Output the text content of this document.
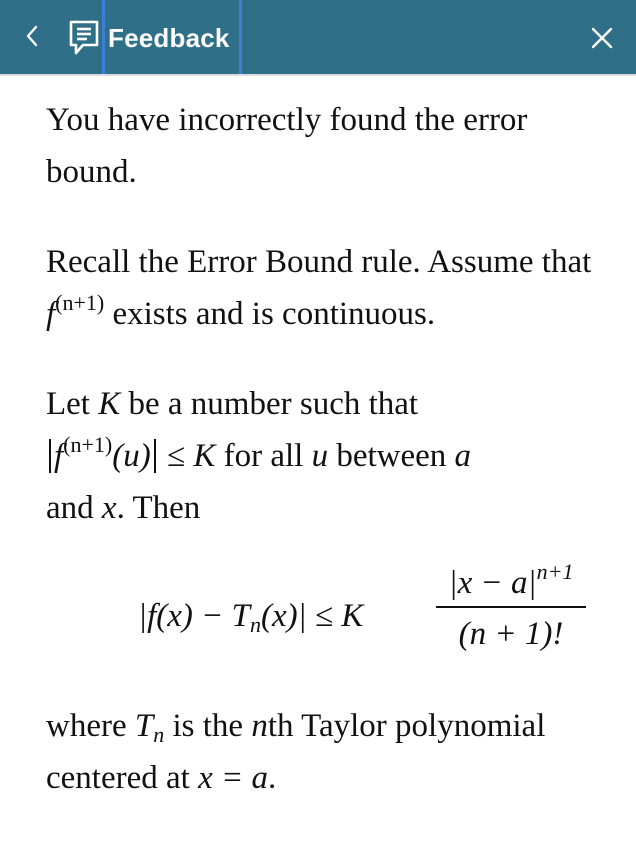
Feedback

You have incorrectly found the error bound.

Recall the Error Bound rule. Assume that $f^{(n+1)}$ exists and is continuous.

Let K be a number such that
$f^{(n+1)}(u) \le K$ for all u between a
and x. Then

$|f(x) - T_n(x)| \le K$
$|x - a|^{n+1}$
(n + 1)!

where $T_n$ is the nth Taylor polynomial centered at x = a.
